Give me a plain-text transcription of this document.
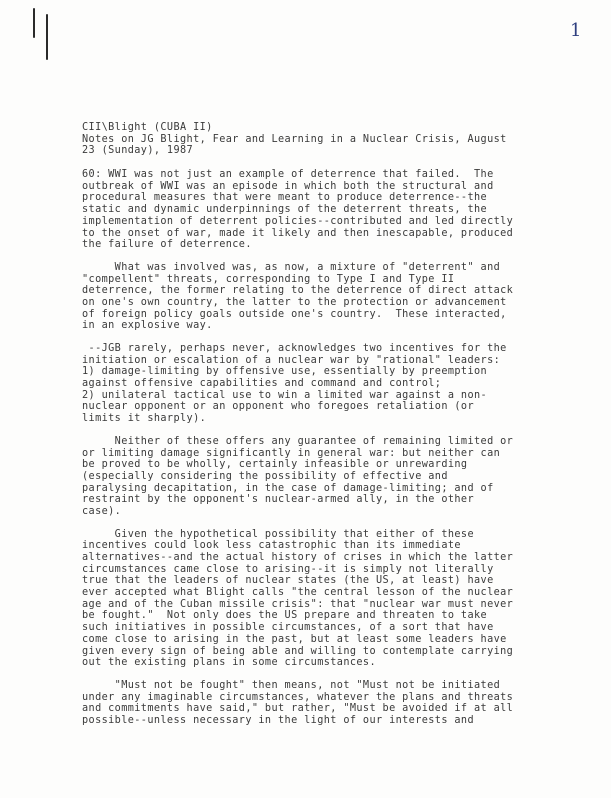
1
CII\Blight (CUBA II)
Notes on JG Blight, Fear and Learning in a Nuclear Crisis, August
23 (Sunday), 1987
60: WWI was not just an example of deterrence that failed.  The
outbreak of WWI was an episode in which both the structural and
procedural measures that were meant to produce deterrence--the
static and dynamic underpinnings of the deterrent threats, the
implementation of deterrent policies--contributed and led directly
to the onset of war, made it likely and then inescapable, produced
the failure of deterrence.
What was involved was, as now, a mixture of "deterrent" and
"compellent" threats, corresponding to Type I and Type II
deterrence, the former relating to the deterrence of direct attack
on one's own country, the latter to the protection or advancement
of foreign policy goals outside one's country.  These interacted,
in an explosive way.
--JGB rarely, perhaps never, acknowledges two incentives for the
initiation or escalation of a nuclear war by "rational" leaders:
1) damage-limiting by offensive use, essentially by preemption
against offensive capabilities and command and control;
2) unilateral tactical use to win a limited war against a non-
nuclear opponent or an opponent who foregoes retaliation (or
limits it sharply).
Neither of these offers any guarantee of remaining limited or
or limiting damage significantly in general war: but neither can
be proved to be wholly, certainly infeasible or unrewarding
(especially considering the possibility of effective and
paralysing decapitation, in the case of damage-limiting; and of
restraint by the opponent's nuclear-armed ally, in the other
case).
Given the hypothetical possibility that either of these
incentives could look less catastrophic than its immediate
alternatives--and the actual history of crises in which the latter
circumstances came close to arising--it is simply not literally
true that the leaders of nuclear states (the US, at least) have
ever accepted what Blight calls "the central lesson of the nuclear
age and of the Cuban missile crisis": that "nuclear war must never
be fought."  Not only does the US prepare and threaten to take
such initiatives in possible circumstances, of a sort that have
come close to arising in the past, but at least some leaders have
given every sign of being able and willing to contemplate carrying
out the existing plans in some circumstances.
"Must not be fought" then means, not "Must not be initiated
under any imaginable circumstances, whatever the plans and threats
and commitments have said," but rather, "Must be avoided if at all
possible--unless necessary in the light of our interests and
